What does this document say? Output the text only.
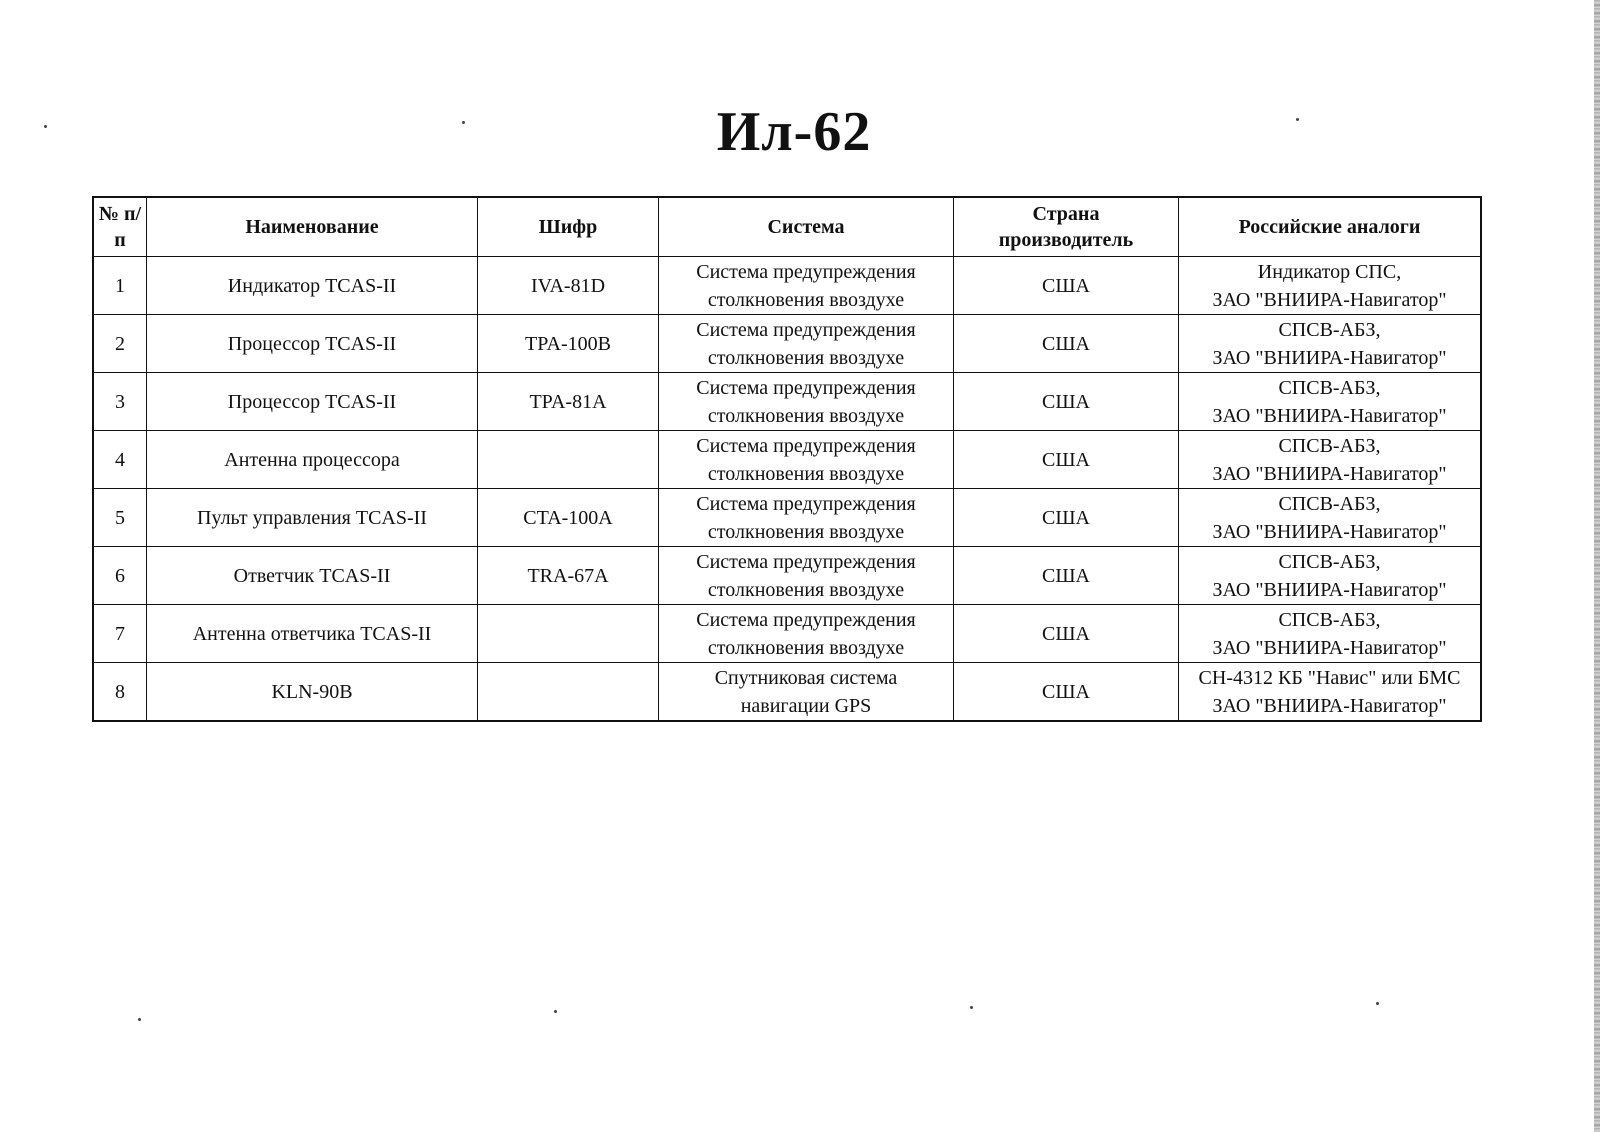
Ил-62
№ п/п	Наименование	Шифр	Система	Страна
производитель	Российские аналоги
1	Индикатор TCAS-II	IVA-81D	Система предупреждения
столкновения ввоздухе	США	Индикатор СПС,
ЗАО "ВНИИРА-Навигатор"

2	Процессор TCAS-II	TPA-100B	Система предупреждения
столкновения ввоздухе	США	СПСВ-АБЗ,
ЗАО "ВНИИРА-Навигатор"

3	Процессор TCAS-II	TPA-81A	Система предупреждения
столкновения ввоздухе	США	СПСВ-АБЗ,
ЗАО "ВНИИРА-Навигатор"

4	Антенна процессора		Система предупреждения
столкновения ввоздухе	США	СПСВ-АБЗ,
ЗАО "ВНИИРА-Навигатор"

5	Пульт управления TCAS-II	CTA-100A	Система предупреждения
столкновения ввоздухе	США	СПСВ-АБЗ,
ЗАО "ВНИИРА-Навигатор"

6	Ответчик TCAS-II	TRA-67A	Система предупреждения
столкновения ввоздухе	США	СПСВ-АБЗ,
ЗАО "ВНИИРА-Навигатор"

7	Антенна ответчика TCAS-II		Система предупреждения
столкновения ввоздухе	США	СПСВ-АБЗ,
ЗАО "ВНИИРА-Навигатор"

8	KLN-90B		Спутниковая система
навигации GPS	США	СН-4312 КБ "Навис" или БМС
ЗАО "ВНИИРА-Навигатор"
